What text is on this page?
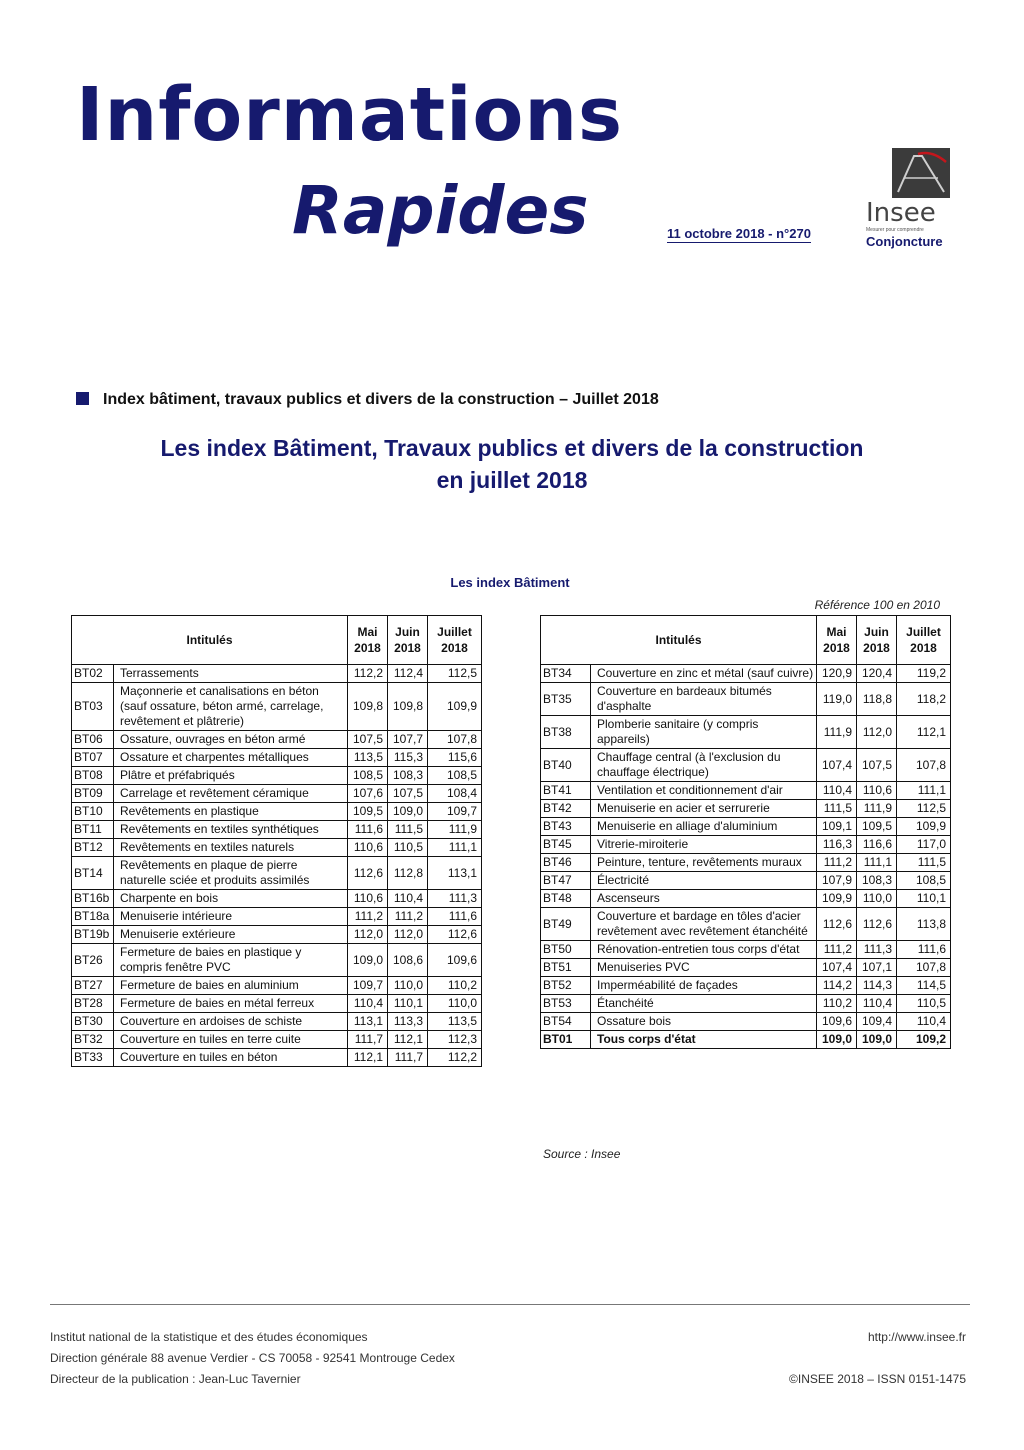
Informations
Rapides	11 octobre 2018 - n°270
Insee
Mesurer pour comprendre
Conjoncture
Index bâtiment, travaux publics et divers de la construction – Juillet 2018
Les index Bâtiment, Travaux publics et divers de la construction
en juillet 2018
Les index Bâtiment
Référence 100 en 2010
Intitulés		Mai 2018	Juin 2018	Juillet 2018
BT02	Terrassements	112,2	112,4	112,5
BT03	Maçonnerie et canalisations en béton (sauf ossature, béton armé, carrelage, revêtement et plâtrerie)	109,8	109,8	109,9
BT06	Ossature, ouvrages en béton armé	107,5	107,7	107,8
BT07	Ossature et charpentes métalliques	113,5	115,3	115,6
BT08	Plâtre et préfabriqués	108,5	108,3	108,5
BT09	Carrelage et revêtement céramique	107,6	107,5	108,4
BT10	Revêtements en plastique	109,5	109,0	109,7
BT11	Revêtements en textiles synthétiques	111,6	111,5	111,9
BT12	Revêtements en textiles naturels	110,6	110,5	111,1
BT14	Revêtements en plaque de pierre naturelle sciée et produits assimilés	112,6	112,8	113,1
BT16b	Charpente en bois	110,6	110,4	111,3
BT18a	Menuiserie intérieure	111,2	111,2	111,6
BT19b	Menuiserie extérieure	112,0	112,0	112,6
BT26	Fermeture de baies en plastique y compris fenêtre PVC	109,0	108,6	109,6
BT27	Fermeture de baies en aluminium	109,7	110,0	110,2
BT28	Fermeture de baies en métal ferreux	110,4	110,1	110,0
BT30	Couverture en ardoises de schiste	113,1	113,3	113,5
BT32	Couverture en tuiles en terre cuite	111,7	112,1	112,3
BT33	Couverture en tuiles en béton	112,1	111,7	112,2
Intitulés		Mai 2018	Juin 2018	Juillet 2018
BT34	Couverture en zinc et métal (sauf cuivre)	120,9	120,4	119,2
BT35	Couverture en bardeaux bitumés d'asphalte	119,0	118,8	118,2
BT38	Plomberie sanitaire (y compris appareils)	111,9	112,0	112,1
BT40	Chauffage central (à l'exclusion du chauffage électrique)	107,4	107,5	107,8
BT41	Ventilation et conditionnement d'air	110,4	110,6	111,1
BT42	Menuiserie en acier et serrurerie	111,5	111,9	112,5
BT43	Menuiserie en alliage d'aluminium	109,1	109,5	109,9
BT45	Vitrerie-miroiterie	116,3	116,6	117,0
BT46	Peinture, tenture, revêtements muraux	111,2	111,1	111,5
BT47	Électricité	107,9	108,3	108,5
BT48	Ascenseurs	109,9	110,0	110,1
BT49	Couverture et bardage en tôles d'acier revêtement avec revêtement étanchéité	112,6	112,6	113,8
BT50	Rénovation-entretien tous corps d'état	111,2	111,3	111,6
BT51	Menuiseries PVC	107,4	107,1	107,8
BT52	Imperméabilité de façades	114,2	114,3	114,5
BT53	Étanchéité	110,2	110,4	110,5
BT54	Ossature bois	109,6	109,4	110,4
BT01	Tous corps d'état	109,0	109,0	109,2
Source : Insee
Institut national de la statistique et des études économiques
Direction générale 88 avenue Verdier - CS 70058 - 92541 Montrouge Cedex
Directeur de la publication : Jean-Luc Tavernier
http://www.insee.fr

©INSEE 2018 – ISSN 0151-1475
